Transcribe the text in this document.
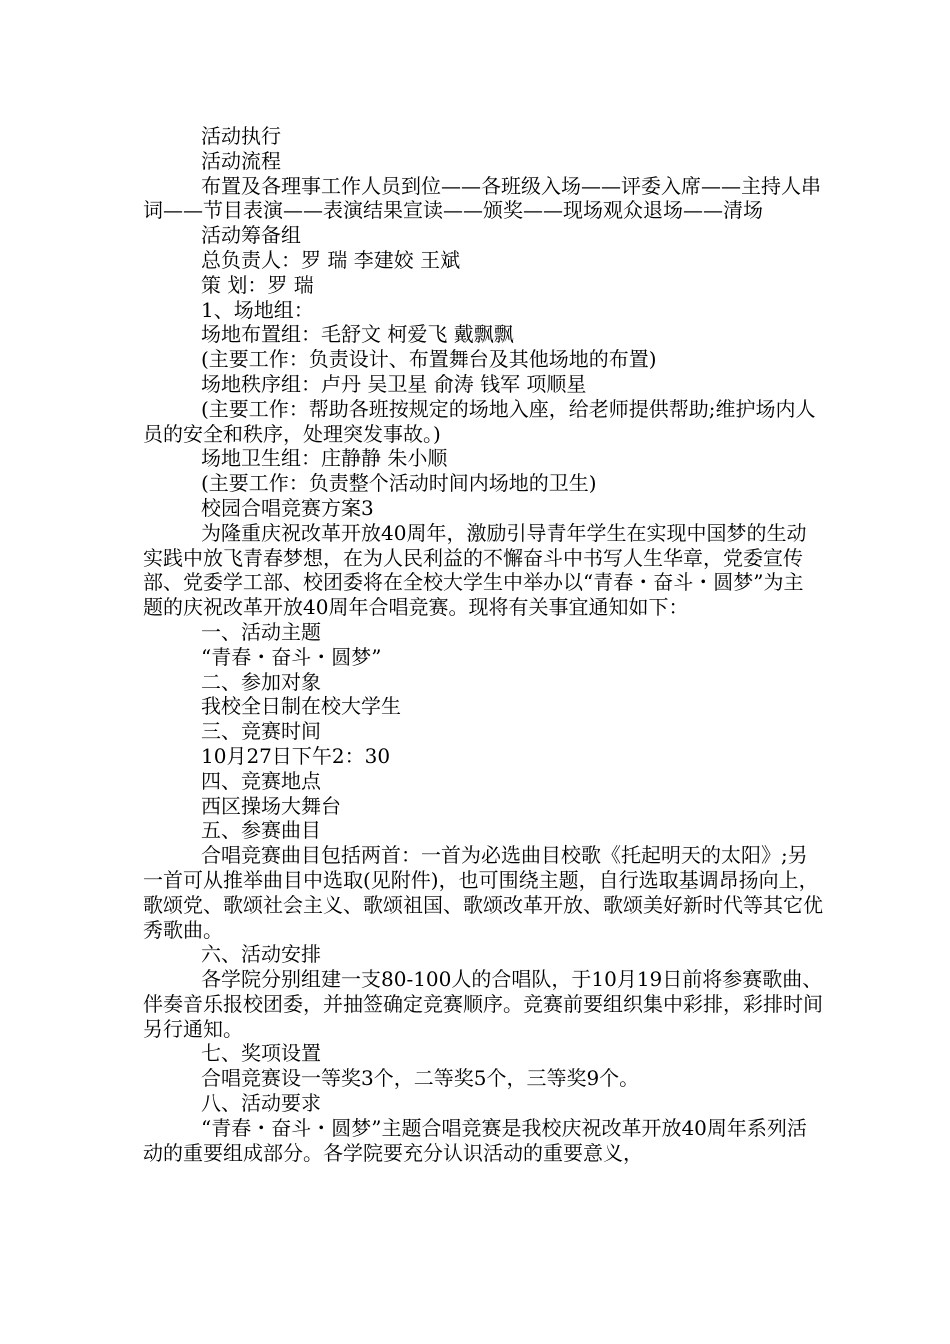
活动执行

活动流程

布置及各理事工作人员到位——各班级入场——评委入席——主持人串词——节目表演——表演结果宣读——颁奖——现场观众退场——清场

活动筹备组

总负责人：罗 瑞 李建姣 王斌

策 划：罗 瑞

1、场地组：

场地布置组：毛舒文 柯爱飞 戴飘飘

(主要工作：负责设计、布置舞台及其他场地的布置)

场地秩序组：卢丹 吴卫星 俞涛 钱军 项顺星

(主要工作：帮助各班按规定的场地入座，给老师提供帮助;维护场内人员的安全和秩序，处理突发事故。)

场地卫生组：庄静静 朱小顺

(主要工作：负责整个活动时间内场地的卫生)

校园合唱竞赛方案3

为隆重庆祝改革开放40周年，激励引导青年学生在实现中国梦的生动实践中放飞青春梦想，在为人民利益的不懈奋斗中书写人生华章，党委宣传部、党委学工部、校团委将在全校大学生中举办以“青春・奋斗・圆梦”为主题的庆祝改革开放40周年合唱竞赛。现将有关事宜通知如下：

一、活动主题

“青春・奋斗・圆梦”

二、参加对象

我校全日制在校大学生

三、竞赛时间

10月27日下午2：30

四、竞赛地点

西区操场大舞台

五、参赛曲目

合唱竞赛曲目包括两首：一首为必选曲目校歌《托起明天的太阳》;另一首可从推举曲目中选取(见附件)，也可围绕主题，自行选取基调昂扬向上，歌颂党、歌颂社会主义、歌颂祖国、歌颂改革开放、歌颂美好新时代等其它优秀歌曲。

六、活动安排

各学院分别组建一支80-100人的合唱队，于10月19日前将参赛歌曲、伴奏音乐报校团委，并抽签确定竞赛顺序。竞赛前要组织集中彩排，彩排时间另行通知。

七、奖项设置

合唱竞赛设一等奖3个，二等奖5个，三等奖9个。

八、活动要求

“青春・奋斗・圆梦”主题合唱竞赛是我校庆祝改革开放40周年系列活动的重要组成部分。各学院要充分认识活动的重要意义，
